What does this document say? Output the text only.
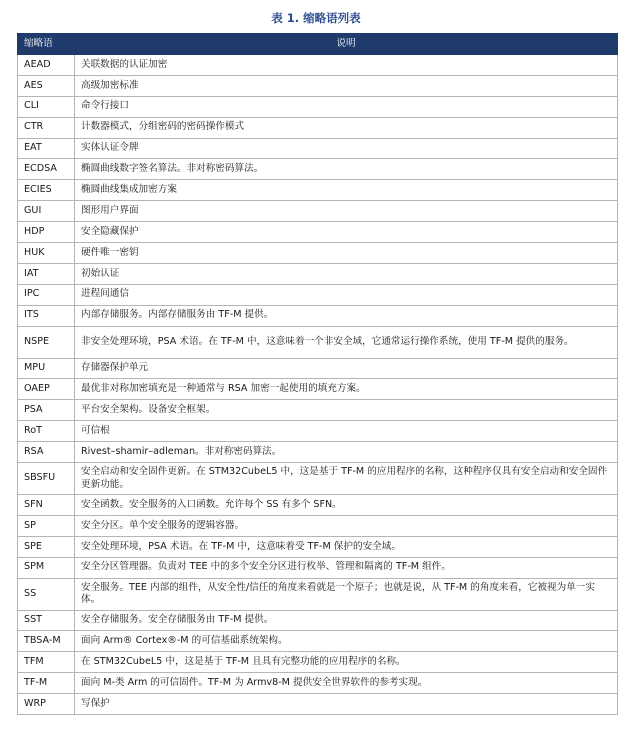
表 1. 缩略语列表
缩略语	说明
AEAD	关联数据的认证加密
AES	高级加密标准
CLI	命令行接口
CTR	计数器模式，分组密码的密码操作模式
EAT	实体认证令牌
ECDSA	椭圆曲线数字签名算法。非对称密码算法。
ECIES	椭圆曲线集成加密方案
GUI	图形用户界面
HDP	安全隐藏保护
HUK	硬件唯一密钥
IAT	初始认证
IPC	进程间通信
ITS	内部存储服务。内部存储服务由 TF-M 提供。
NSPE	非安全处理环境，PSA 术语。在 TF-M 中，这意味着一个非安全域，它通常运行操作系统，使用 TF-M 提供的服务。
MPU	存储器保护单元
OAEP	最优非对称加密填充是一种通常与 RSA 加密一起使用的填充方案。
PSA	平台安全架构。设备安全框架。
RoT	可信根
RSA	Rivest–shamir–adleman。非对称密码算法。
SBSFU	安全启动和安全固件更新。在 STM32CubeL5 中，这是基于 TF-M 的应用程序的名称，这种程序仅具有安全启动和安全固件更新功能。
SFN	安全函数。安全服务的入口函数。允许每个 SS 有多个 SFN。
SP	安全分区。单个安全服务的逻辑容器。
SPE	安全处理环境，PSA 术语。在 TF-M 中，这意味着受 TF-M 保护的安全域。
SPM	安全分区管理器。负责对 TEE 中的多个安全分区进行枚举、管理和隔离的 TF-M 组件。
SS	安全服务。TEE 内部的组件，从安全性/信任的角度来看就是一个原子；也就是说，从 TF-M 的角度来看，它被视为单一实体。
SST	安全存储服务。安全存储服务由 TF-M 提供。
TBSA-M	面向 Arm® Cortex®-M 的可信基础系统架构。
TFM	在 STM32CubeL5 中，这是基于 TF-M 且具有完整功能的应用程序的名称。
TF-M	面向 M-类 Arm 的可信固件。TF-M 为 Armv8-M 提供安全世界软件的参考实现。
WRP	写保护
